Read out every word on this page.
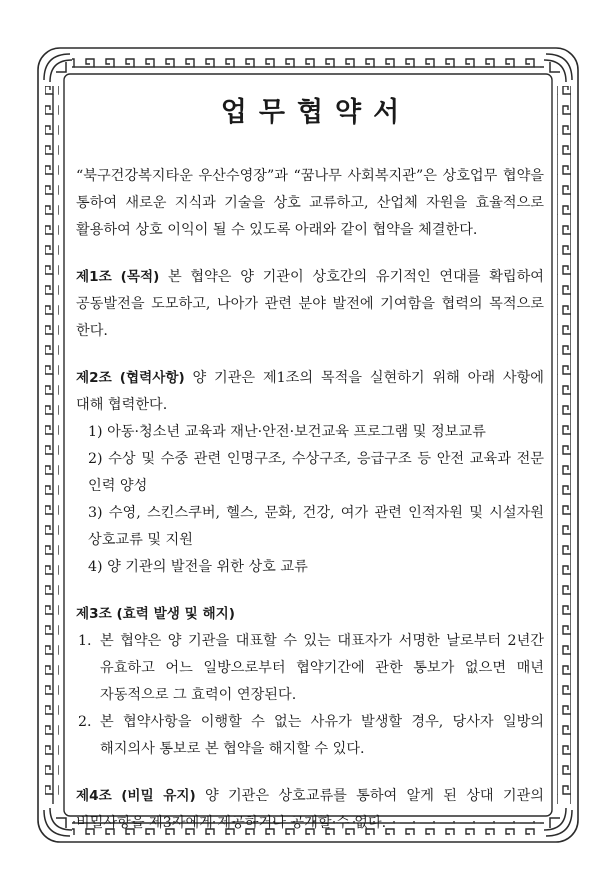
업무협약서

“북구건강복지타운 우산수영장”과 “꿈나무 사회복지관”은 상호업무 협약을 통하여 새로운 지식과 기술을 상호 교류하고, 산업체 자원을 효율적으로 활용하여 상호 이익이 될 수 있도록 아래와 같이 협약을 체결한다.

제1조 (목적) 본 협약은 양 기관이 상호간의 유기적인 연대를 확립하여 공동발전을 도모하고, 나아가 관련 분야 발전에 기여함을 협력의 목적으로 한다.

제2조 (협력사항) 양 기관은 제1조의 목적을 실현하기 위해 아래 사항에 대해 협력한다.

1) 아동·청소년 교육과 재난·안전·보건교육 프로그램 및 정보교류
2) 수상 및 수중 관련 인명구조, 수상구조, 응급구조 등 안전 교육과 전문 인력 양성
3) 수영, 스킨스쿠버, 헬스, 문화, 건강, 여가 관련 인적자원 및 시설자원 상호교류 및 지원
4) 양 기관의 발전을 위한 상호 교류

제3조 (효력 발생 및 해지)

1. 본 협약은 양 기관을 대표할 수 있는 대표자가 서명한 날로부터 2년간 유효하고 어느 일방으로부터 협약기간에 관한 통보가 없으면 매년 자동적으로 그 효력이 연장된다.
2. 본 협약사항을 이행할 수 없는 사유가 발생할 경우, 당사자 일방의 해지의사 통보로 본 협약을 해지할 수 있다.

제4조 (비밀 유지) 양 기관은 상호교류를 통하여 알게 된 상대 기관의 비밀사항을 제3자에게 제공하거나 공개할 수 없다.
